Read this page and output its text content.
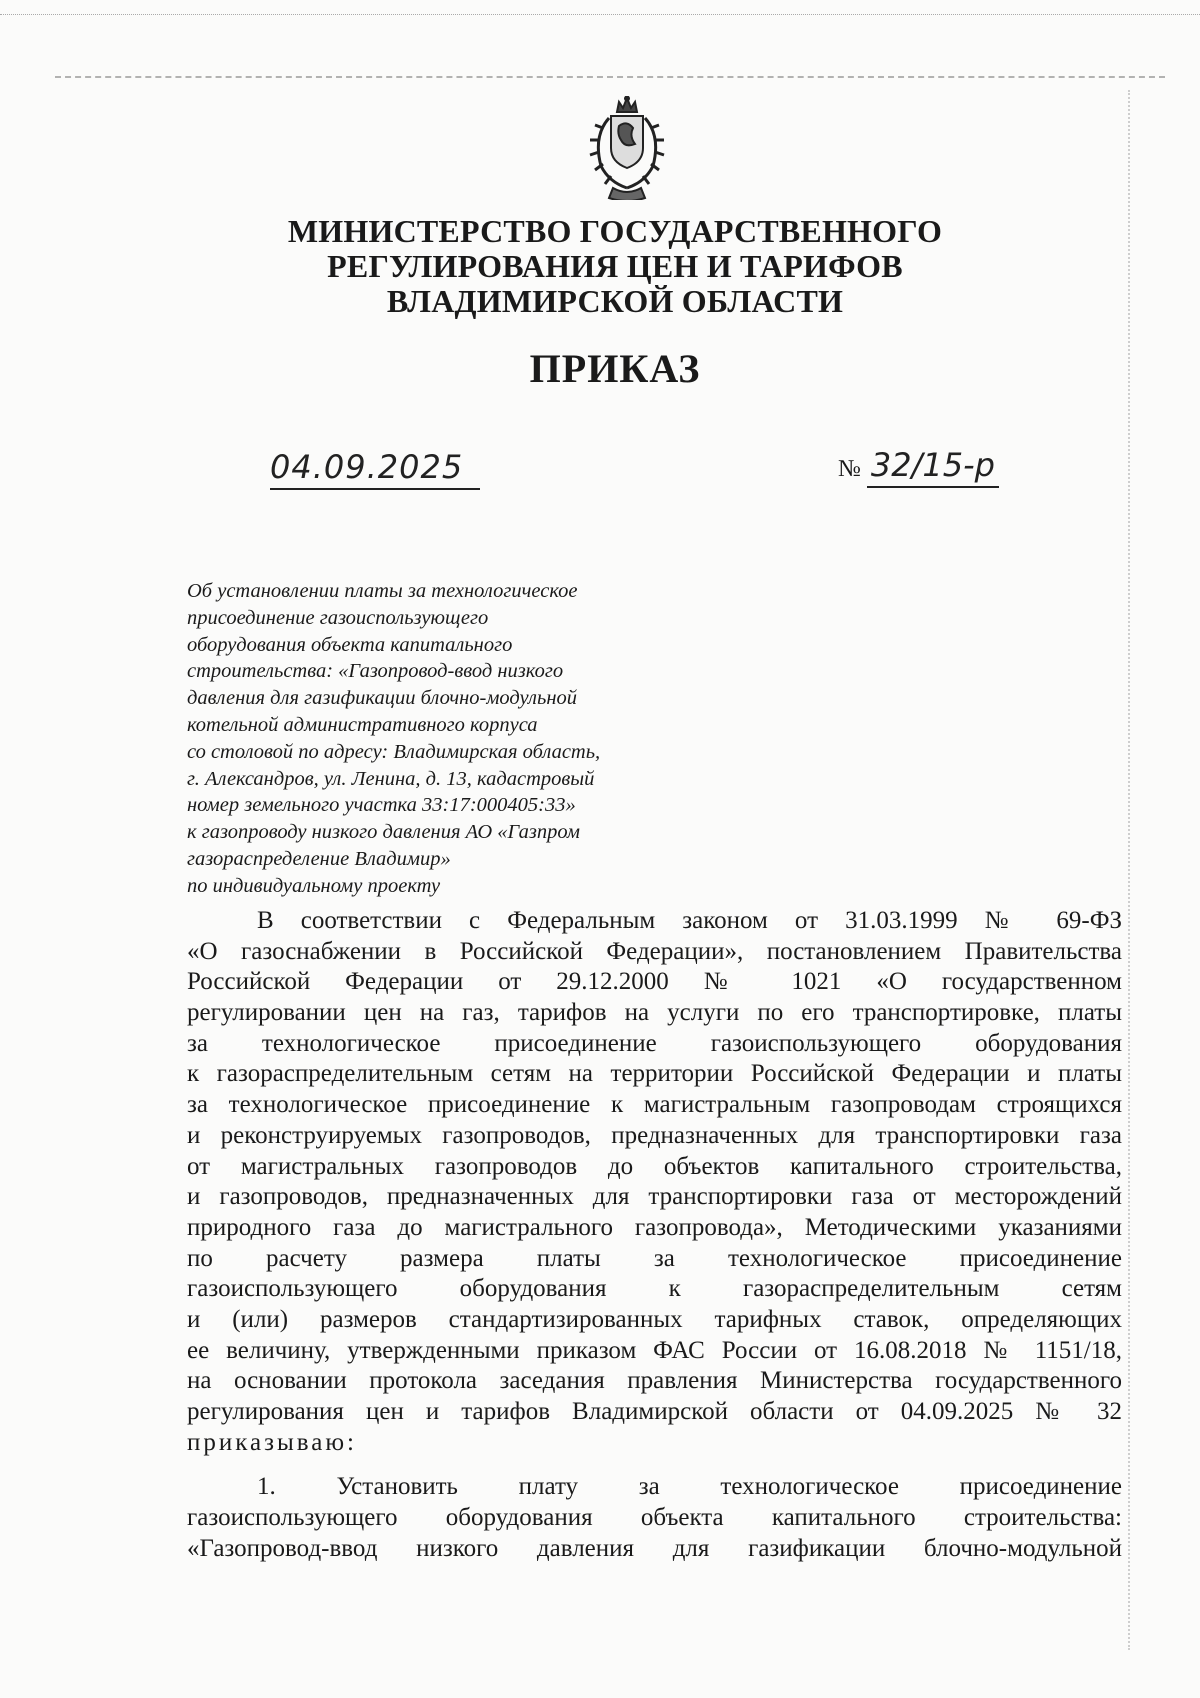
МИНИСТЕРСТВО ГОСУДАРСТВЕННОГО
РЕГУЛИРОВАНИЯ ЦЕН И ТАРИФОВ
ВЛАДИМИРСКОЙ ОБЛАСТИ
ПРИКАЗ
04.09.2025	№ 32/15-р
Об установлении платы за технологическое
присоединение газоиспользующего
оборудования объекта капитального
строительства: «Газопровод-ввод низкого
давления для газификации блочно-модульной
котельной административного корпуса
со столовой по адресу: Владимирская область,
г. Александров, ул. Ленина, д. 13, кадастровый
номер земельного участка 33:17:000405:33»
к газопроводу низкого давления АО «Газпром
газораспределение Владимир»
по индивидуальному проекту
В соответствии с Федеральным законом от 31.03.1999 № 69-ФЗ
«О газоснабжении в Российской Федерации», постановлением Правительства
Российской Федерации от 29.12.2000 № 1021 «О государственном
регулировании цен на газ, тарифов на услуги по его транспортировке, платы
за технологическое присоединение газоиспользующего оборудования
к газораспределительным сетям на территории Российской Федерации и платы
за технологическое присоединение к магистральным газопроводам строящихся
и реконструируемых газопроводов, предназначенных для транспортировки газа
от магистральных газопроводов до объектов капитального строительства,
и газопроводов, предназначенных для транспортировки газа от месторождений
природного газа до магистрального газопровода», Методическими указаниями
по расчету размера платы за технологическое присоединение
газоиспользующего оборудования к газораспределительным сетям
и (или) размеров стандартизированных тарифных ставок, определяющих
ее величину, утвержденными приказом ФАС России от 16.08.2018 № 1151/18,
на основании протокола заседания правления Министерства государственного
регулирования цен и тарифов Владимирской области от 04.09.2025 № 32
приказываю:
1. Установить плату за технологическое присоединение
газоиспользующего оборудования объекта капитального строительства:
«Газопровод-ввод низкого давления для газификации блочно-модульной
